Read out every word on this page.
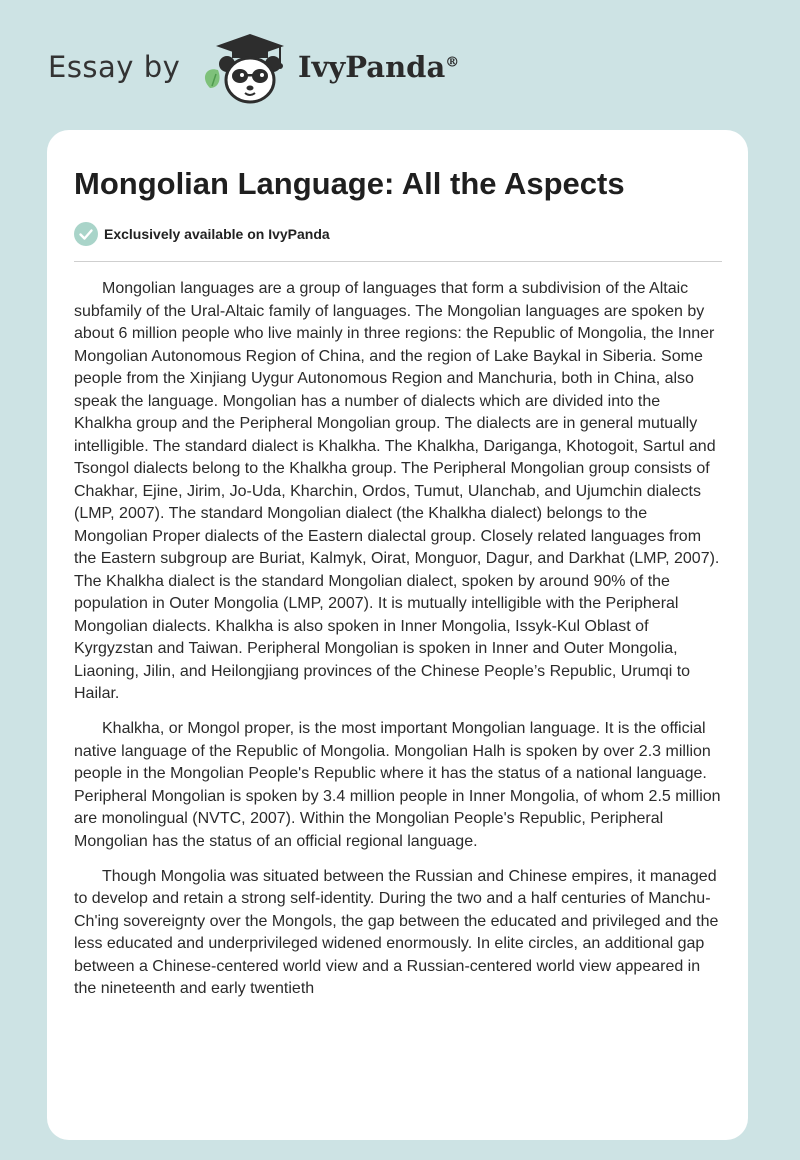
Essay by	IvyPanda®
Mongolian Language: All the Aspects
Exclusively available on IvyPanda

Mongolian languages are a group of languages that form a subdivision of the Altaic subfamily of the Ural-Altaic family of languages. The Mongolian languages are spoken by about 6 million people who live mainly in three regions: the Republic of Mongolia, the Inner Mongolian Autonomous Region of China, and the region of Lake Baykal in Siberia. Some people from the Xinjiang Uygur Autonomous Region and Manchuria, both in China, also speak the language. Mongolian has a number of dialects which are divided into the Khalkha group and the Peripheral Mongolian group. The dialects are in general mutually intelligible. The standard dialect is Khalkha. The Khalkha, Dariganga, Khotogoit, Sartul and Tsongol dialects belong to the Khalkha group. The Peripheral Mongolian group consists of Chakhar, Ejine, Jirim, Jo-Uda, Kharchin, Ordos, Tumut, Ulanchab, and Ujumchin dialects (LMP, 2007). The standard Mongolian dialect (the Khalkha dialect) belongs to the Mongolian Proper dialects of the Eastern dialectal group. Closely related languages from the Eastern subgroup are Buriat, Kalmyk, Oirat, Monguor, Dagur, and Darkhat (LMP, 2007). The Khalkha dialect is the standard Mongolian dialect, spoken by around 90% of the population in Outer Mongolia (LMP, 2007). It is mutually intelligible with the Peripheral Mongolian dialects. Khalkha is also spoken in Inner Mongolia, Issyk-Kul Oblast of Kyrgyzstan and Taiwan. Peripheral Mongolian is spoken in Inner and Outer Mongolia, Liaoning, Jilin, and Heilongjiang provinces of the Chinese People’s Republic, Urumqi to Hailar.

Khalkha, or Mongol proper, is the most important Mongolian language. It is the official native language of the Republic of Mongolia. Mongolian Halh is spoken by over 2.3 million people in the Mongolian People's Republic where it has the status of a national language. Peripheral Mongolian is spoken by 3.4 million people in Inner Mongolia, of whom 2.5 million are monolingual (NVTC, 2007). Within the Mongolian People's Republic, Peripheral Mongolian has the status of an official regional language.

Though Mongolia was situated between the Russian and Chinese empires, it managed to develop and retain a strong self-identity. During the two and a half centuries of Manchu-Ch'ing sovereignty over the Mongols, the gap between the educated and privileged and the less educated and underprivileged widened enormously. In elite circles, an additional gap between a Chinese-centered world view and a Russian-centered world view appeared in the nineteenth and early twentieth
